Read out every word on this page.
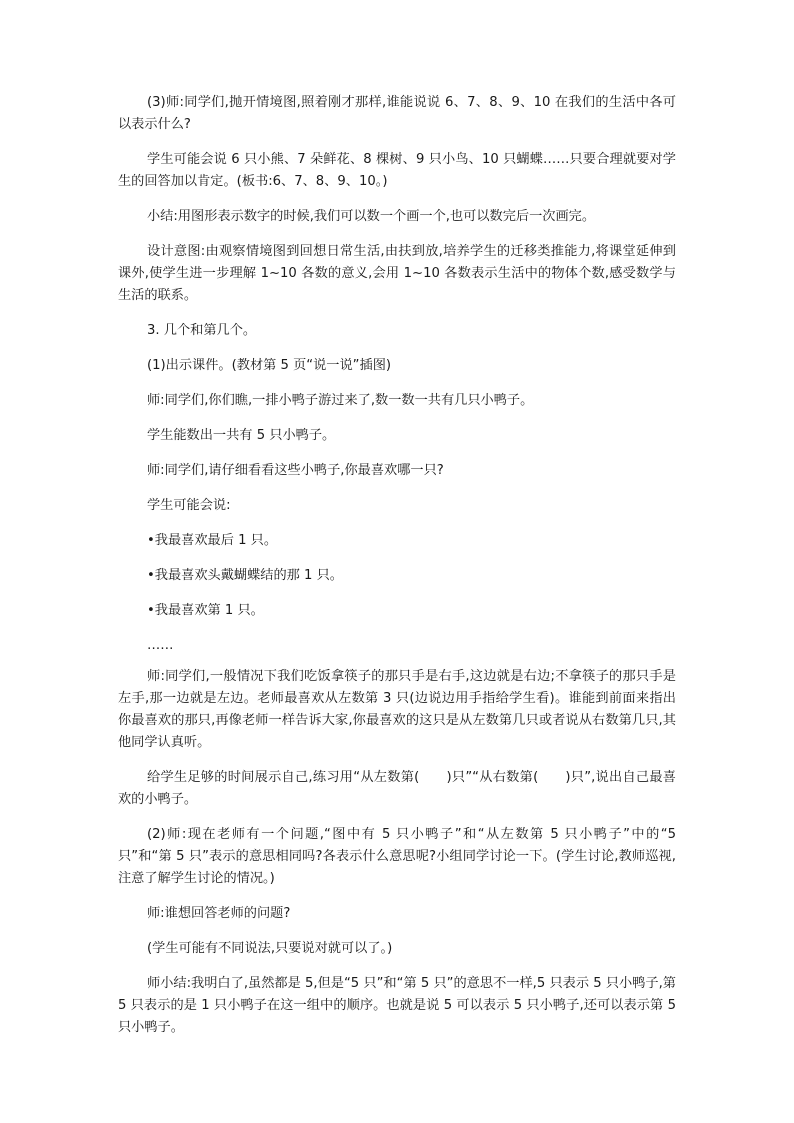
(3)师:同学们,抛开情境图,照着刚才那样,谁能说说 6、7、8、9、10 在我们的生活中各可以表示什么?

学生可能会说 6 只小熊、7 朵鲜花、8 棵树、9 只小鸟、10 只蝴蝶……只要合理就要对学生的回答加以肯定。(板书:6、7、8、9、10。)

小结:用图形表示数字的时候,我们可以数一个画一个,也可以数完后一次画完。

设计意图:由观察情境图到回想日常生活,由扶到放,培养学生的迁移类推能力,将课堂延伸到课外,使学生进一步理解 1~10 各数的意义,会用 1~10 各数表示生活中的物体个数,感受数学与生活的联系。

3. 几个和第几个。

(1)出示课件。(教材第 5 页“说一说”插图)

师:同学们,你们瞧,一排小鸭子游过来了,数一数一共有几只小鸭子。

学生能数出一共有 5 只小鸭子。

师:同学们,请仔细看看这些小鸭子,你最喜欢哪一只?

学生可能会说:

•我最喜欢最后 1 只。

•我最喜欢头戴蝴蝶结的那 1 只。

•我最喜欢第 1 只。

……

师:同学们,一般情况下我们吃饭拿筷子的那只手是右手,这边就是右边;不拿筷子的那只手是左手,那一边就是左边。老师最喜欢从左数第 3 只(边说边用手指给学生看)。谁能到前面来指出你最喜欢的那只,再像老师一样告诉大家,你最喜欢的这只是从左数第几只或者说从右数第几只,其他同学认真听。

给学生足够的时间展示自己,练习用“从左数第(　　)只”“从右数第(　　)只”,说出自己最喜欢的小鸭子。

(2)师:现在老师有一个问题,“图中有 5 只小鸭子”和“从左数第 5 只小鸭子”中的“5 只”和“第 5 只”表示的意思相同吗?各表示什么意思呢?小组同学讨论一下。(学生讨论,教师巡视,注意了解学生讨论的情况。)

师:谁想回答老师的问题?

(学生可能有不同说法,只要说对就可以了。)

师小结:我明白了,虽然都是 5,但是“5 只”和“第 5 只”的意思不一样,5 只表示 5 只小鸭子,第 5 只表示的是 1 只小鸭子在这一组中的顺序。也就是说 5 可以表示 5 只小鸭子,还可以表示第 5 只小鸭子。
